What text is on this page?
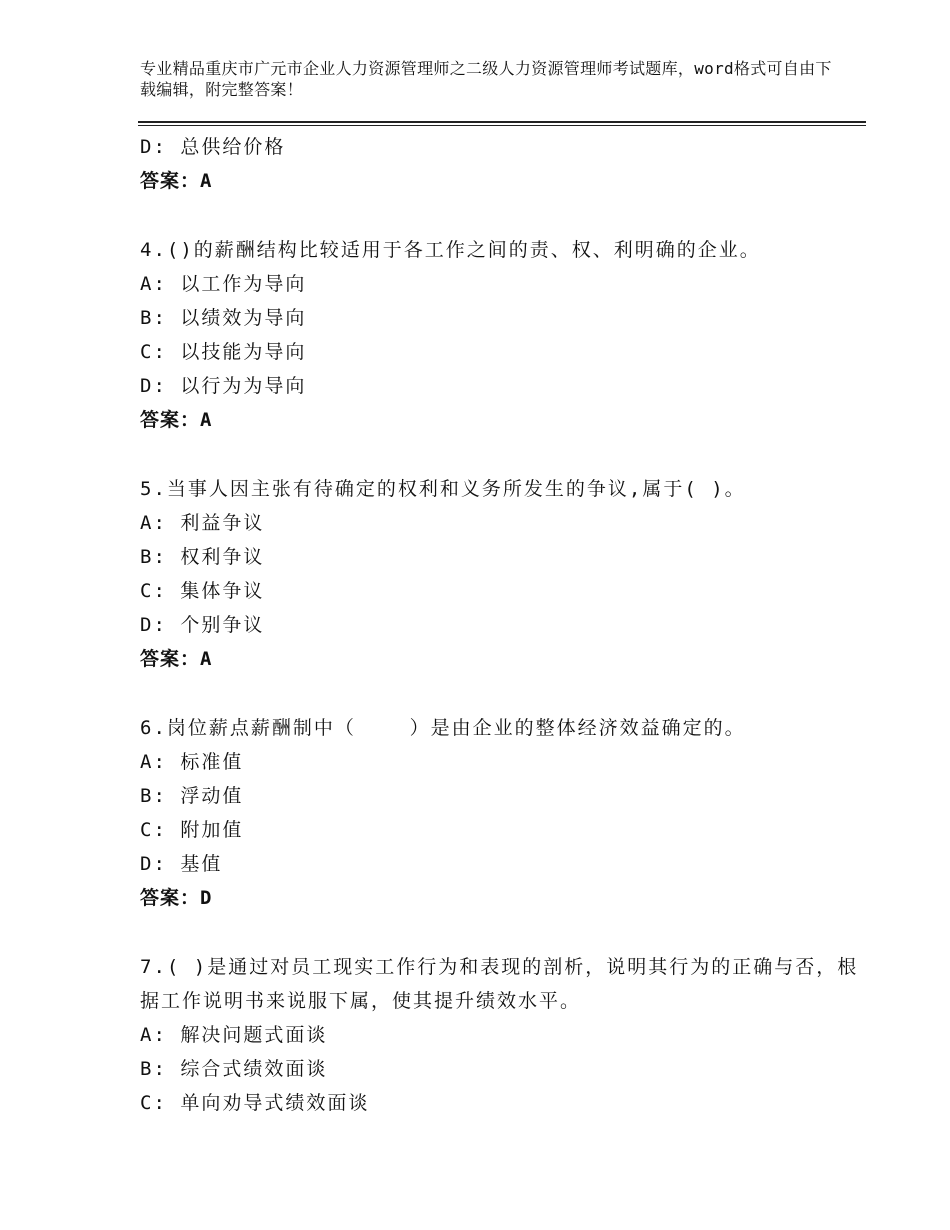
专业精品重庆市广元市企业人力资源管理师之二级人力资源管理师考试题库，word格式可自由下载编辑，附完整答案！
D: 总供给价格
答案：A
4.()的薪酬结构比较适用于各工作之间的责、权、利明确的企业。
A: 以工作为导向
B: 以绩效为导向
C: 以技能为导向
D: 以行为为导向
答案：A
5.当事人因主张有待确定的权利和义务所发生的争议,属于( )。
A: 利益争议
B: 权利争议
C: 集体争议
D: 个别争议
答案：A
6.岗位薪点薪酬制中（    ）是由企业的整体经济效益确定的。
A: 标准值
B: 浮动值
C: 附加值
D: 基值
答案：D
7.( )是通过对员工现实工作行为和表现的剖析，说明其行为的正确与否，根据工作说明书来说服下属，使其提升绩效水平。
A: 解决问题式面谈
B: 综合式绩效面谈
C: 单向劝导式绩效面谈
